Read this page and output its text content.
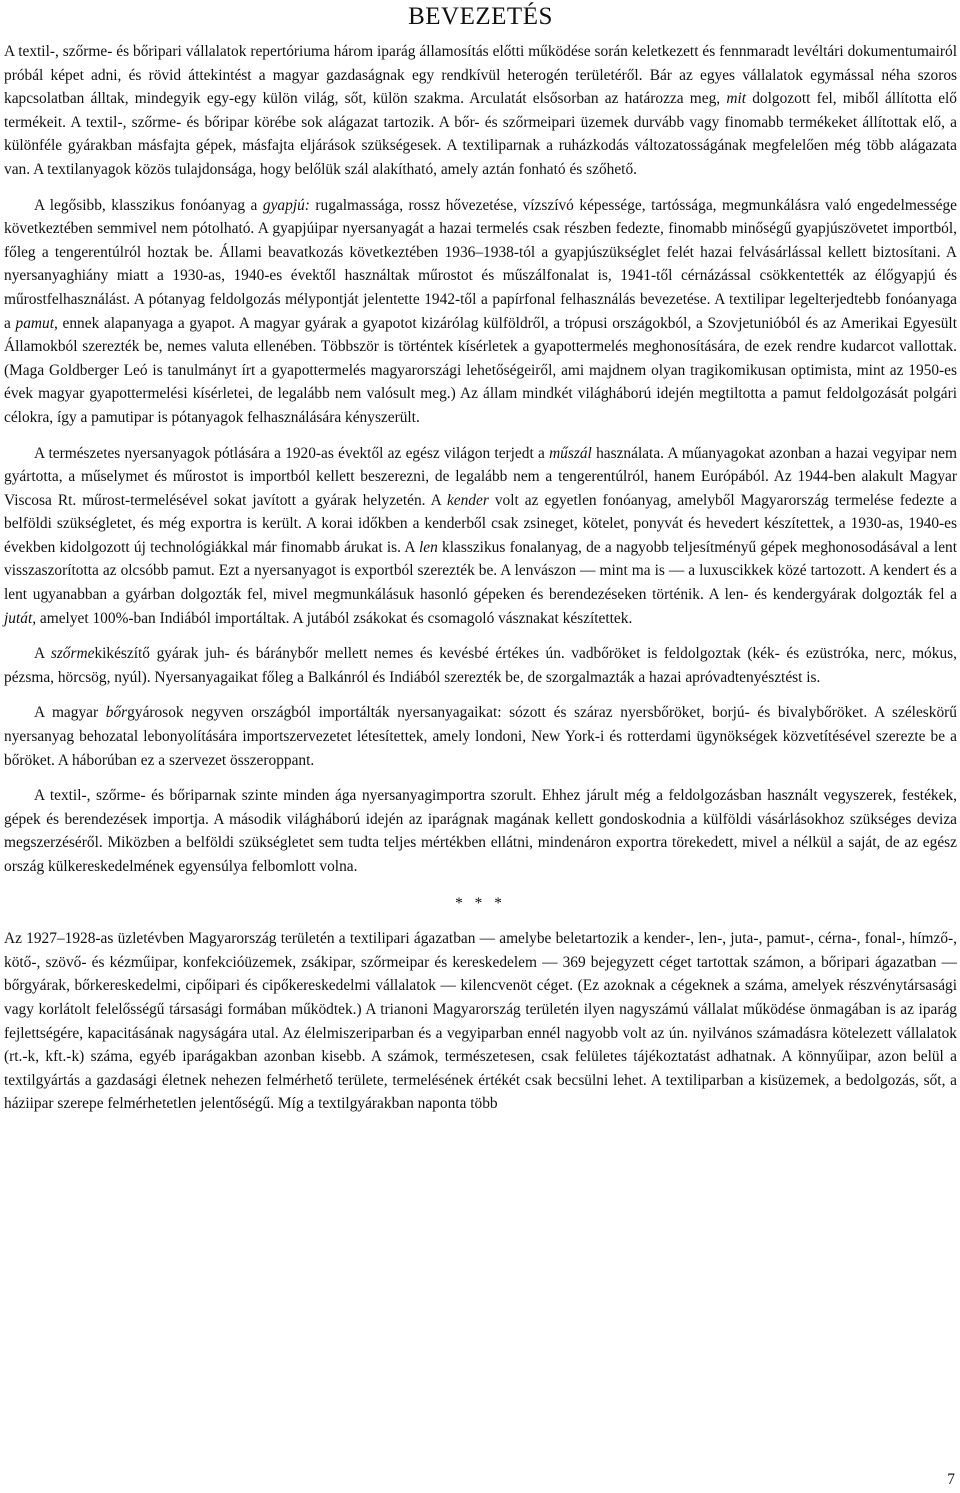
BEVEZETÉS

A textil-, szőrme- és bőripari vállalatok repertóriuma három iparág államosítás előtti működése során keletkezett és fennmaradt levéltári dokumentumairól próbál képet adni, és rövid áttekintést a magyar gazdaságnak egy rendkívül heterogén területéről. Bár az egyes vállalatok egymással néha szoros kapcsolatban álltak, mindegyik egy-egy külön világ, sőt, külön szakma. Arculatát elsősorban az határozza meg, mit dolgozott fel, miből állította elő termékeit. A textil-, szőrme- és bőripar körébe sok alágazat tartozik. A bőr- és szőrmeipari üzemek durvább vagy finomabb termékeket állítottak elő, a különféle gyárakban másfajta gépek, másfajta eljárások szükségesek. A textiliparnak a ruházkodás változatosságának megfelelően még több alágazata van. A textilanyagok közös tulajdonsága, hogy belőlük szál alakítható, amely aztán fonható és szőhető.

A legősibb, klasszikus fonóanyag a gyapjú: rugalmassága, rossz hővezetése, vízszívó képessége, tartóssága, megmunkálásra való engedelmessége következtében semmivel nem pótolható. A gyapjúipar nyersanyagát a hazai termelés csak részben fedezte, finomabb minőségű gyapjúszövetet importból, főleg a tengerentúlról hoztak be. Állami beavatkozás következtében 1936–1938-tól a gyapjúszükséglet felét hazai felvásárlással kellett biztosítani. A nyersanyaghiány miatt a 1930-as, 1940-es évektől használtak műrostot és műszálfonalat is, 1941-től cérnázással csökkentették az élőgyapjú és műrostfelhasználást. A pótanyag feldolgozás mélypontját jelentette 1942-től a papírfonal felhasználás bevezetése. A textilipar legelterjedtebb fonóanyaga a pamut, ennek alapanyaga a gyapot. A magyar gyárak a gyapotot kizárólag külföldről, a trópusi országokból, a Szovjetunióból és az Amerikai Egyesült Államokból szerezték be, nemes valuta ellenében. Többször is történtek kísérletek a gyapottermelés meghonosítására, de ezek rendre kudarcot vallottak. (Maga Goldberger Leó is tanulmányt írt a gyapottermelés magyarországi lehetőségeiről, ami majdnem olyan tragikomikusan optimista, mint az 1950-es évek magyar gyapottermelési kísérletei, de legalább nem valósult meg.) Az állam mindkét világháború idején megtiltotta a pamut feldolgozását polgári célokra, így a pamutipar is pótanyagok felhasználására kényszerült.

A természetes nyersanyagok pótlására a 1920-as évektől az egész világon terjedt a műszál használata. A műanyagokat azonban a hazai vegyipar nem gyártotta, a műselymet és műrostot is importból kellett beszerezni, de legalább nem a tengerentúlról, hanem Európából. Az 1944-ben alakult Magyar Viscosa Rt. műrost-termelésével sokat javított a gyárak helyzetén. A kender volt az egyetlen fonóanyag, amelyből Magyarország termelése fedezte a belföldi szükségletet, és még exportra is került. A korai időkben a kenderből csak zsineget, kötelet, ponyvát és hevedert készítettek, a 1930-as, 1940-es években kidolgozott új technológiákkal már finomabb árukat is. A len klasszikus fonalanyag, de a nagyobb teljesítményű gépek meghonosodásával a lent visszaszorította az olcsóbb pamut. Ezt a nyersanyagot is exportból szerezték be. A lenvászon — mint ma is — a luxuscikkek közé tartozott. A kendert és a lent ugyanabban a gyárban dolgozták fel, mivel megmunkálásuk hasonló gépeken és berendezéseken történik. A len- és kendergyárak dolgozták fel a jutát, amelyet 100%-ban Indiából importáltak. A jutából zsákokat és csomagoló vásznakat készítettek.

A szőrmekikészítő gyárak juh- és báránybőr mellett nemes és kevésbé értékes ún. vadbőröket is feldolgoztak (kék- és ezüstróka, nerc, mókus, pézsma, hörcsög, nyúl). Nyersanyagaikat főleg a Balkánról és Indiából szerezték be, de szorgalmazták a hazai apróvadtenyésztést is.

A magyar bőrgyárosok negyven országból importálták nyersanyagaikat: sózott és száraz nyersbőröket, borjú- és bivalybőröket. A széleskörű nyersanyag behozatal lebonyolítására importszervezetet létesítettek, amely londoni, New York-i és rotterdami ügynökségek közvetítésével szerezte be a bőröket. A háborúban ez a szervezet összeroppant.

A textil-, szőrme- és bőriparnak szinte minden ága nyersanyagimportra szorult. Ehhez járult még a feldolgozásban használt vegyszerek, festékek, gépek és berendezések importja. A második világháború idején az iparágnak magának kellett gondoskodnia a külföldi vásárlásokhoz szükséges deviza megszerzéséről. Miközben a belföldi szükségletet sem tudta teljes mértékben ellátni, mindenáron exportra törekedett, mivel a nélkül a saját, de az egész ország külkereskedelmének egyensúlya felbomlott volna.

* * *

Az 1927–1928-as üzletévben Magyarország területén a textilipari ágazatban — amelybe beletartozik a kender-, len-, juta-, pamut-, cérna-, fonal-, hímző-, kötő-, szövő- és kézműipar, konfekcióüzemek, zsákipar, szőrmeipar és kereskedelem — 369 bejegyzett céget tartottak számon, a bőripari ágazatban — bőrgyárak, bőrkereskedelmi, cipőipari és cipőkereskedelmi vállalatok — kilencvenöt céget. (Ez azoknak a cégeknek a száma, amelyek részvénytársasági vagy korlátolt felelősségű társasági formában működtek.) A trianoni Magyarország területén ilyen nagyszámú vállalat működése önmagában is az iparág fejlettségére, kapacitásának nagyságára utal. Az élelmiszeriparban és a vegyiparban ennél nagyobb volt az ún. nyilvános számadásra kötelezett vállalatok (rt.-k, kft.-k) száma, egyéb iparágakban azonban kisebb. A számok, természetesen, csak felületes tájékoztatást adhatnak. A könnyűipar, azon belül a textilgyártás a gazdasági életnek nehezen felmérhető területe, termelésének értékét csak becsülni lehet. A textiliparban a kisüzemek, a bedolgozás, sőt, a háziipar szerepe felmérhetetlen jelentőségű. Míg a textilgyárakban naponta több

7
